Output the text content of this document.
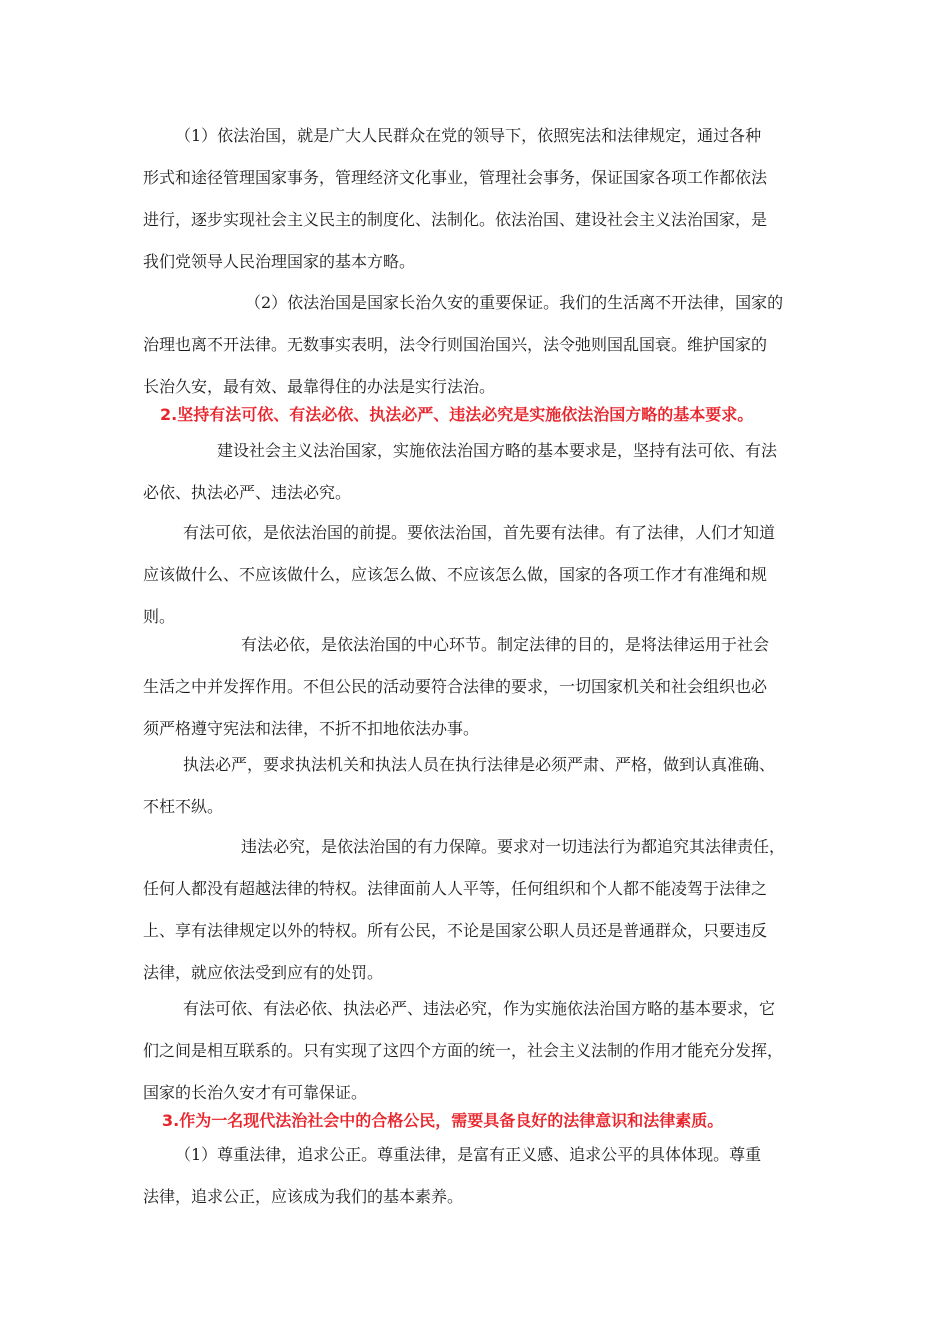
（1）依法治国，就是广大人民群众在党的领导下，依照宪法和法律规定，通过各种
形式和途径管理国家事务，管理经济文化事业，管理社会事务，保证国家各项工作都依法
进行，逐步实现社会主义民主的制度化、法制化。依法治国、建设社会主义法治国家，是
我们党领导人民治理国家的基本方略。
（2）依法治国是国家长治久安的重要保证。我们的生活离不开法律，国家的
治理也离不开法律。无数事实表明，法令行则国治国兴，法令弛则国乱国衰。维护国家的
长治久安，最有效、最靠得住的办法是实行法治。
2.坚持有法可依、有法必依、执法必严、违法必究是实施依法治国方略的基本要求。
建设社会主义法治国家，实施依法治国方略的基本要求是，坚持有法可依、有法
必依、执法必严、违法必究。
有法可依，是依法治国的前提。要依法治国，首先要有法律。有了法律，人们才知道
应该做什么、不应该做什么，应该怎么做、不应该怎么做，国家的各项工作才有准绳和规
则。
有法必依，是依法治国的中心环节。制定法律的目的，是将法律运用于社会
生活之中并发挥作用。不但公民的活动要符合法律的要求，一切国家机关和社会组织也必
须严格遵守宪法和法律，不折不扣地依法办事。
执法必严，要求执法机关和执法人员在执行法律是必须严肃、严格，做到认真准确、
不枉不纵。
违法必究，是依法治国的有力保障。要求对一切违法行为都追究其法律责任，
任何人都没有超越法律的特权。法律面前人人平等，任何组织和个人都不能凌驾于法律之
上、享有法律规定以外的特权。所有公民，不论是国家公职人员还是普通群众，只要违反
法律，就应依法受到应有的处罚。
有法可依、有法必依、执法必严、违法必究，作为实施依法治国方略的基本要求，它
们之间是相互联系的。只有实现了这四个方面的统一，社会主义法制的作用才能充分发挥，
国家的长治久安才有可靠保证。
3.作为一名现代法治社会中的合格公民，需要具备良好的法律意识和法律素质。
（1）尊重法律，追求公正。尊重法律，是富有正义感、追求公平的具体体现。尊重
法律，追求公正，应该成为我们的基本素养。
